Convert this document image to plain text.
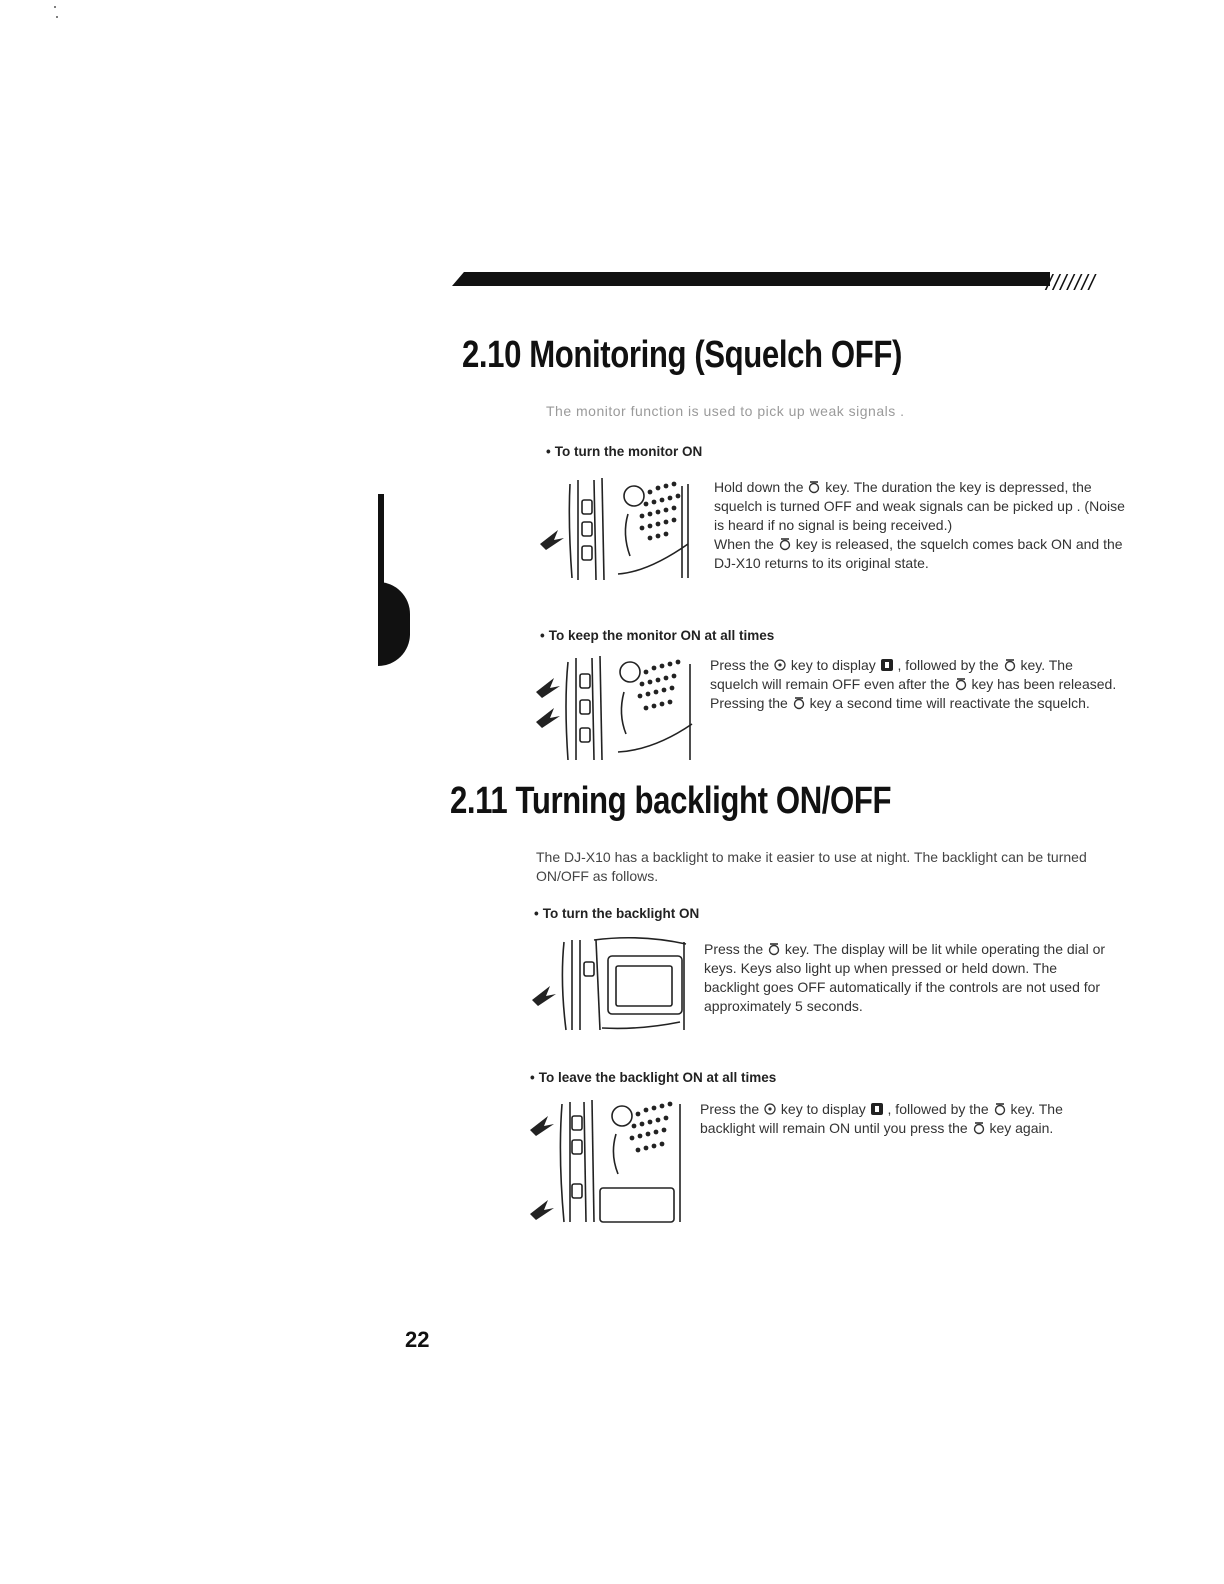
///////
2.10 Monitoring (Squelch OFF)

The monitor function is used to pick up weak signals .

• To turn the monitor ON

Hold down the key. The duration the key is depressed, the squelch is turned OFF and weak signals can be picked up . (Noise is heard if no signal is being received.)

When the key is released, the squelch comes back ON and the DJ-X10 returns to its original state.

• To keep the monitor ON at all times

Press the key to display , followed by the key. The squelch will remain OFF even after the key has been released. Pressing the key a second time will reactivate the squelch.

2.11 Turning backlight ON/OFF

The DJ-X10 has a backlight to make it easier to use at night. The backlight can be turned ON/OFF as follows.

• To turn the backlight ON

Press the key. The display will be lit while operating the dial or keys. Keys also light up when pressed or held down. The backlight goes OFF automatically if the controls are not used for approximately 5 seconds.

• To leave the backlight ON at all times

Press the key to display , followed by the key. The backlight will remain ON until you press the key again.

22
